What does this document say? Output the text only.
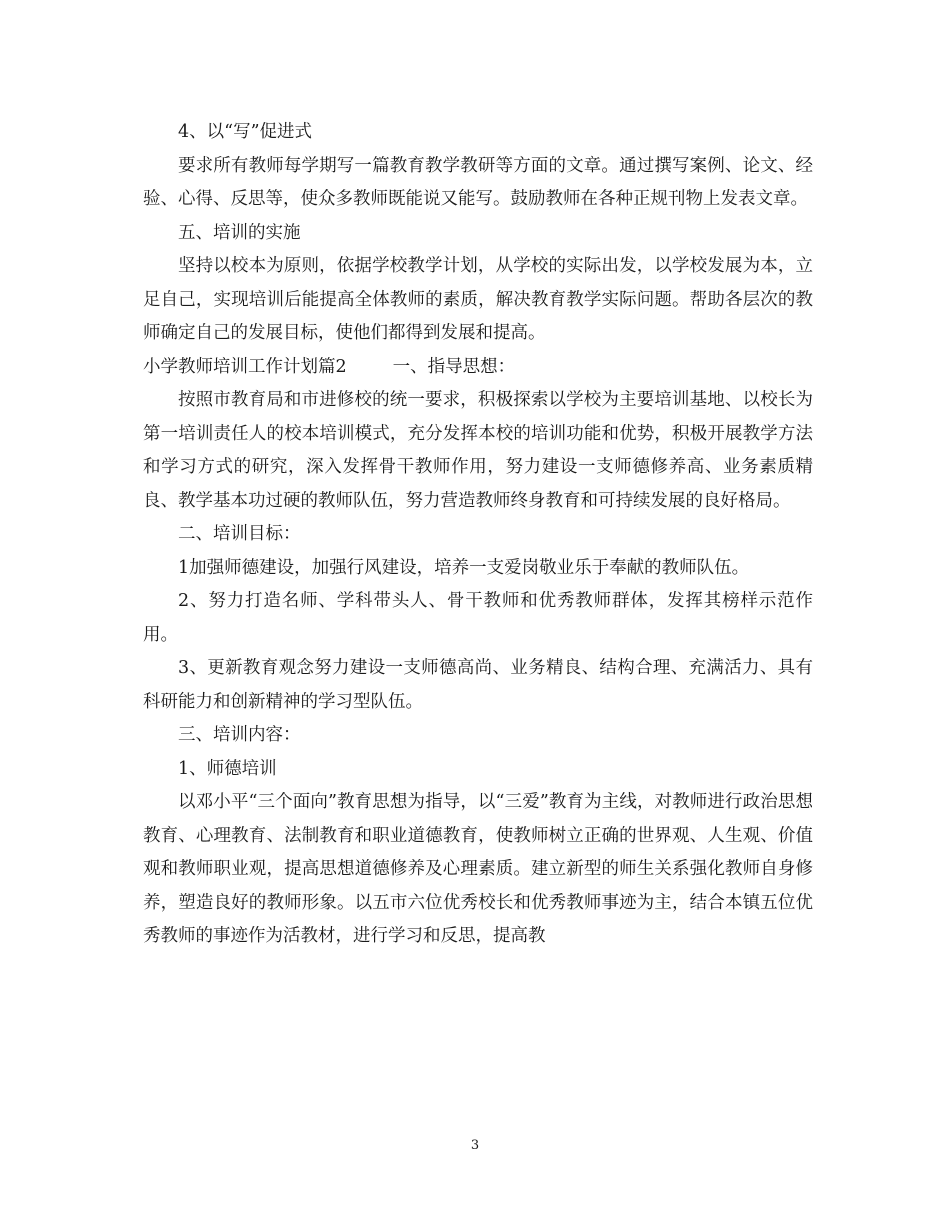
4、以“写”促进式

要求所有教师每学期写一篇教育教学教研等方面的文章。通过撰写案例、论文、经验、心得、反思等，使众多教师既能说又能写。鼓励教师在各种正规刊物上发表文章。

五、培训的实施

坚持以校本为原则，依据学校教学计划，从学校的实际出发，以学校发展为本，立足自己，实现培训后能提高全体教师的素质，解决教育教学实际问题。帮助各层次的教师确定自己的发展目标，使他们都得到发展和提高。

小学教师培训工作计划篇2	一、指导思想：

按照市教育局和市进修校的统一要求，积极探索以学校为主要培训基地、以校长为第一培训责任人的校本培训模式，充分发挥本校的培训功能和优势，积极开展教学方法和学习方式的研究，深入发挥骨干教师作用，努力建设一支师德修养高、业务素质精良、教学基本功过硬的教师队伍，努力营造教师终身教育和可持续发展的良好格局。

二、培训目标：

1加强师德建设，加强行风建设，培养一支爱岗敬业乐于奉献的教师队伍。

2、努力打造名师、学科带头人、骨干教师和优秀教师群体，发挥其榜样示范作用。

3、更新教育观念努力建设一支师德高尚、业务精良、结构合理、充满活力、具有科研能力和创新精神的学习型队伍。

三、培训内容：

1、师德培训

以邓小平“三个面向”教育思想为指导，以“三爱”教育为主线，对教师进行政治思想教育、心理教育、法制教育和职业道德教育，使教师树立正确的世界观、人生观、价值观和教师职业观，提高思想道德修养及心理素质。建立新型的师生关系强化教师自身修养，塑造良好的教师形象。以五市六位优秀校长和优秀教师事迹为主，结合本镇五位优秀教师的事迹作为活教材，进行学习和反思，提高教

3
